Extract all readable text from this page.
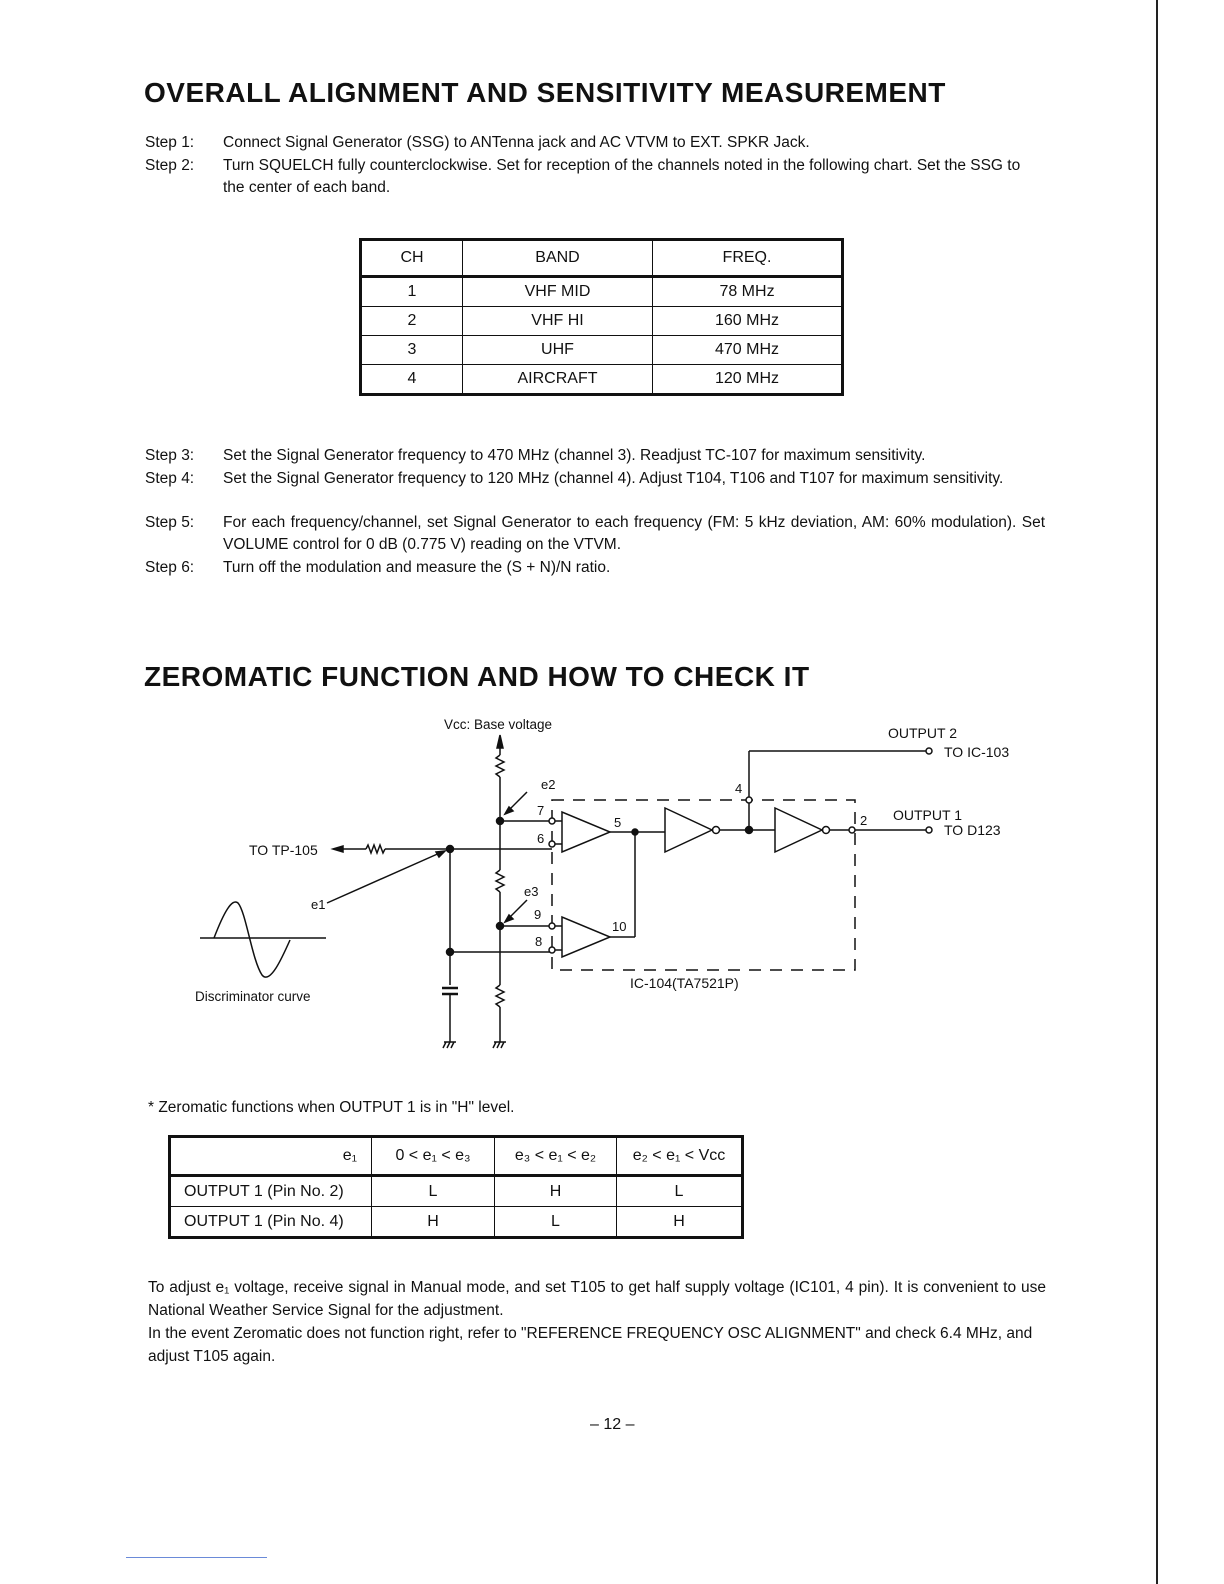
OVERALL ALIGNMENT AND SENSITIVITY MEASUREMENT
Step 1:	Connect Signal Generator (SSG) to ANTenna jack and AC VTVM to EXT. SPKR Jack.
Step 2:	Turn SQUELCH fully counterclockwise. Set for reception of the channels noted in the following chart. Set the SSG to the center of each band.
CH	BAND	FREQ.
1	VHF MID	78 MHz
2	VHF HI	160 MHz
3	UHF	470 MHz
4	AIRCRAFT	120 MHz
Step 3:	Set the Signal Generator frequency to 470 MHz (channel 3). Readjust TC-107 for maximum sensitivity.
Step 4:	Set the Signal Generator frequency to 120 MHz (channel 4). Adjust T104, T106 and T107 for maximum sensitivity.
Step 5:	For each frequency/channel, set Signal Generator to each frequency (FM: 5 kHz deviation, AM: 60% modulation). Set VOLUME control for 0 dB (0.775 V) reading on the VTVM.
Step 6:	Turn off the modulation and measure the (S + N)/N ratio.
ZEROMATIC FUNCTION AND HOW TO CHECK IT
Vcc: Base voltage
OUTPUT 2
TO IC-103
OUTPUT 1
TO D123
TO TP-105
e1
e2
e3
IC-104(TA7521P)
Discriminator curve
7
6
5
4
2
9
8
10
* Zeromatic functions when OUTPUT 1 is in "H" level.
e₁	0 < e₁ < e₃	e₃ < e₁ < e₂	e₂ < e₁ < Vᴄᴄ
OUTPUT 1 (Pin No. 2)	L	H	L
OUTPUT 1 (Pin No. 4)	H	L	H

To adjust e₁ voltage, receive signal in Manual mode, and set T105 to get half supply voltage (IC101, 4 pin). It is convenient to use National Weather Service Signal for the adjustment.

In the event Zeromatic does not function right, refer to "REFERENCE FREQUENCY OSC ALIGNMENT" and check 6.4 MHz, and adjust T105 again.

– 12 –
